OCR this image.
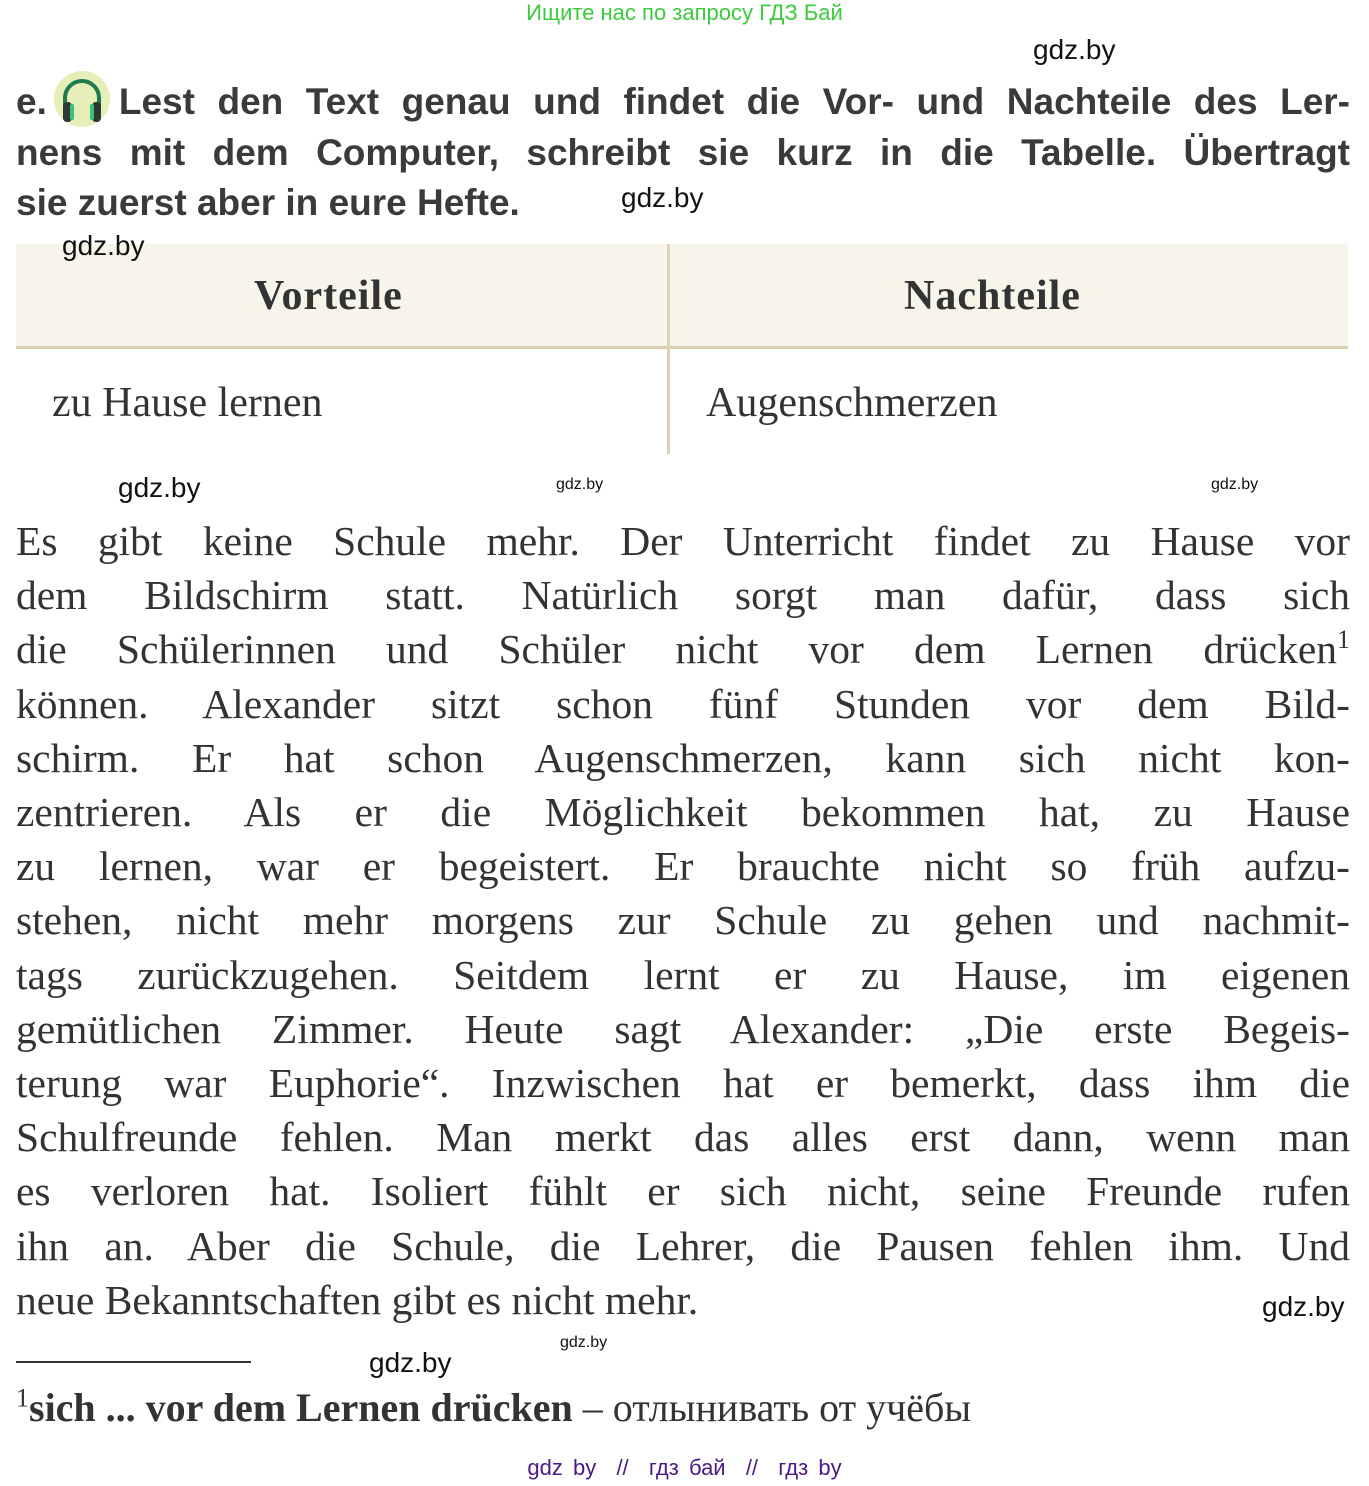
Ищите нас по запросу ГДЗ Бай
e. Lest den Text genau und findet die Vor- und Nachteile des Ler-
nens mit dem Computer, schreibt sie kurz in die Tabelle. Übertragt
sie zuerst aber in eure Hefte.
Vorteile	Nachteile
zu Hause lernen	Augenschmerzen
Es gibt keine Schule mehr. Der Unterricht findet zu Hause vor
dem Bildschirm statt. Natürlich sorgt man dafür, dass sich
die Schülerinnen und Schüler nicht vor dem Lernen drücken$^1$
können. Alexander sitzt schon fünf Stunden vor dem Bild-
schirm. Er hat schon Augenschmerzen, kann sich nicht kon-
zentrieren. Als er die Möglichkeit bekommen hat, zu Hause
zu lernen, war er begeistert. Er brauchte nicht so früh aufzu-
stehen, nicht mehr morgens zur Schule zu gehen und nachmit-
tags zurückzugehen. Seitdem lernt er zu Hause, im eigenen
gemütlichen Zimmer. Heute sagt Alexander: „Die erste Begeis-
terung war Euphorie“. Inzwischen hat er bemerkt, dass ihm die
Schulfreunde fehlen. Man merkt das alles erst dann, wenn man
es verloren hat. Isoliert fühlt er sich nicht, seine Freunde rufen
ihn an. Aber die Schule, die Lehrer, die Pausen fehlen ihm. Und
neue Bekanntschaften gibt es nicht mehr.
$^1$sich ... vor dem Lernen drücken – отлынивать от учёбы
gdz.by
gdz.by
gdz.by
gdz.by	gdz.by
gdz.by
gdz.by
gdz.by
gdz.by
gdz by  //  гдз бай  //  гдз by
